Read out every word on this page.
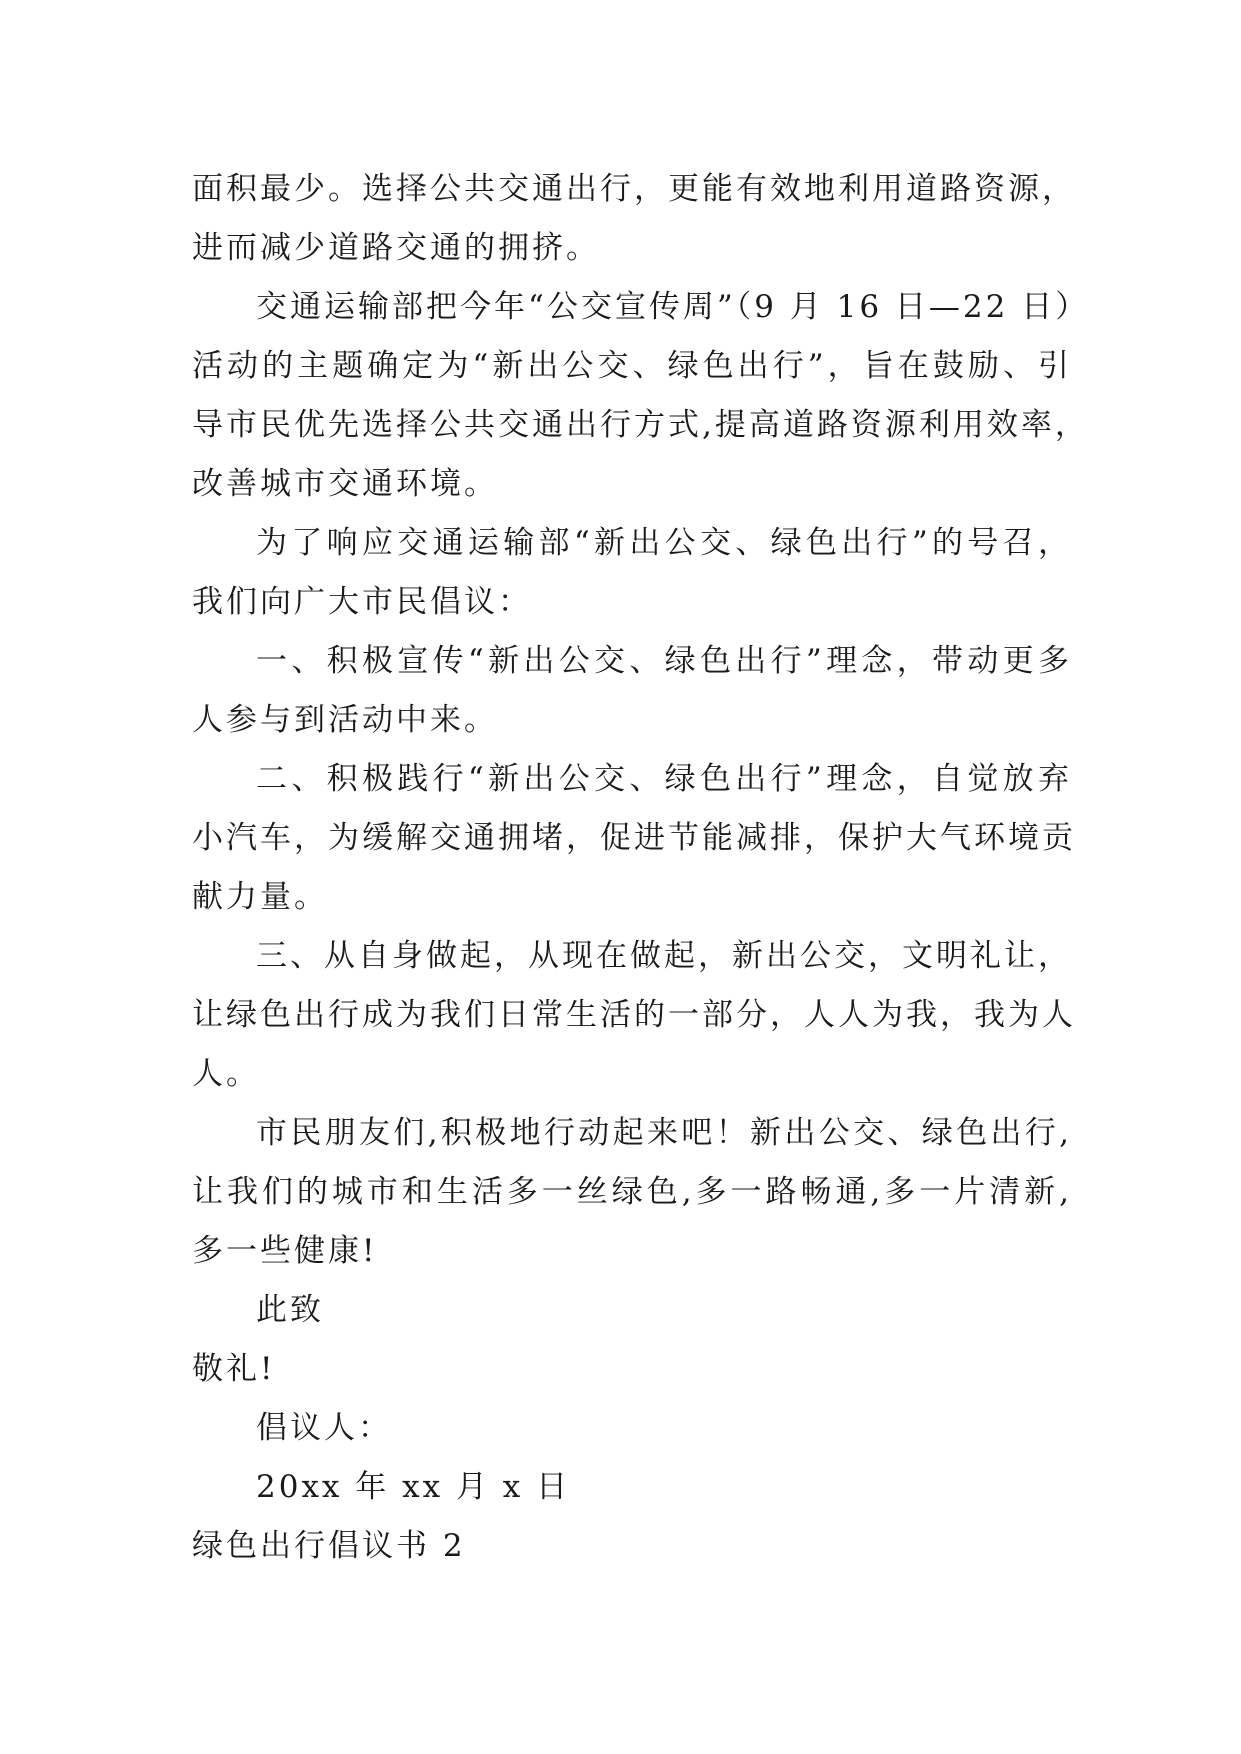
面积最少。选择公共交通出行，更能有效地利用道路资源，
进而减少道路交通的拥挤。
交通运输部把今年“公交宣传周”（9 月 16 日—22 日）
活动的主题确定为“新出公交、绿色出行”，旨在鼓励、引
导市民优先选择公共交通出行方式,提高道路资源利用效率，
改善城市交通环境。
为了响应交通运输部“新出公交、绿色出行”的号召，
我们向广大市民倡议：
一、积极宣传“新出公交、绿色出行”理念，带动更多
人参与到活动中来。
二、积极践行“新出公交、绿色出行”理念，自觉放弃
小汽车，为缓解交通拥堵，促进节能减排，保护大气环境贡
献力量。
三、从自身做起，从现在做起，新出公交，文明礼让，
让绿色出行成为我们日常生活的一部分，人人为我，我为人
人。
市民朋友们,积极地行动起来吧！新出公交、绿色出行,
让我们的城市和生活多一丝绿色,多一路畅通,多一片清新,
多一些健康!
此致
敬礼!
倡议人：
20xx 年 xx 月 x 日
绿色出行倡议书 2
